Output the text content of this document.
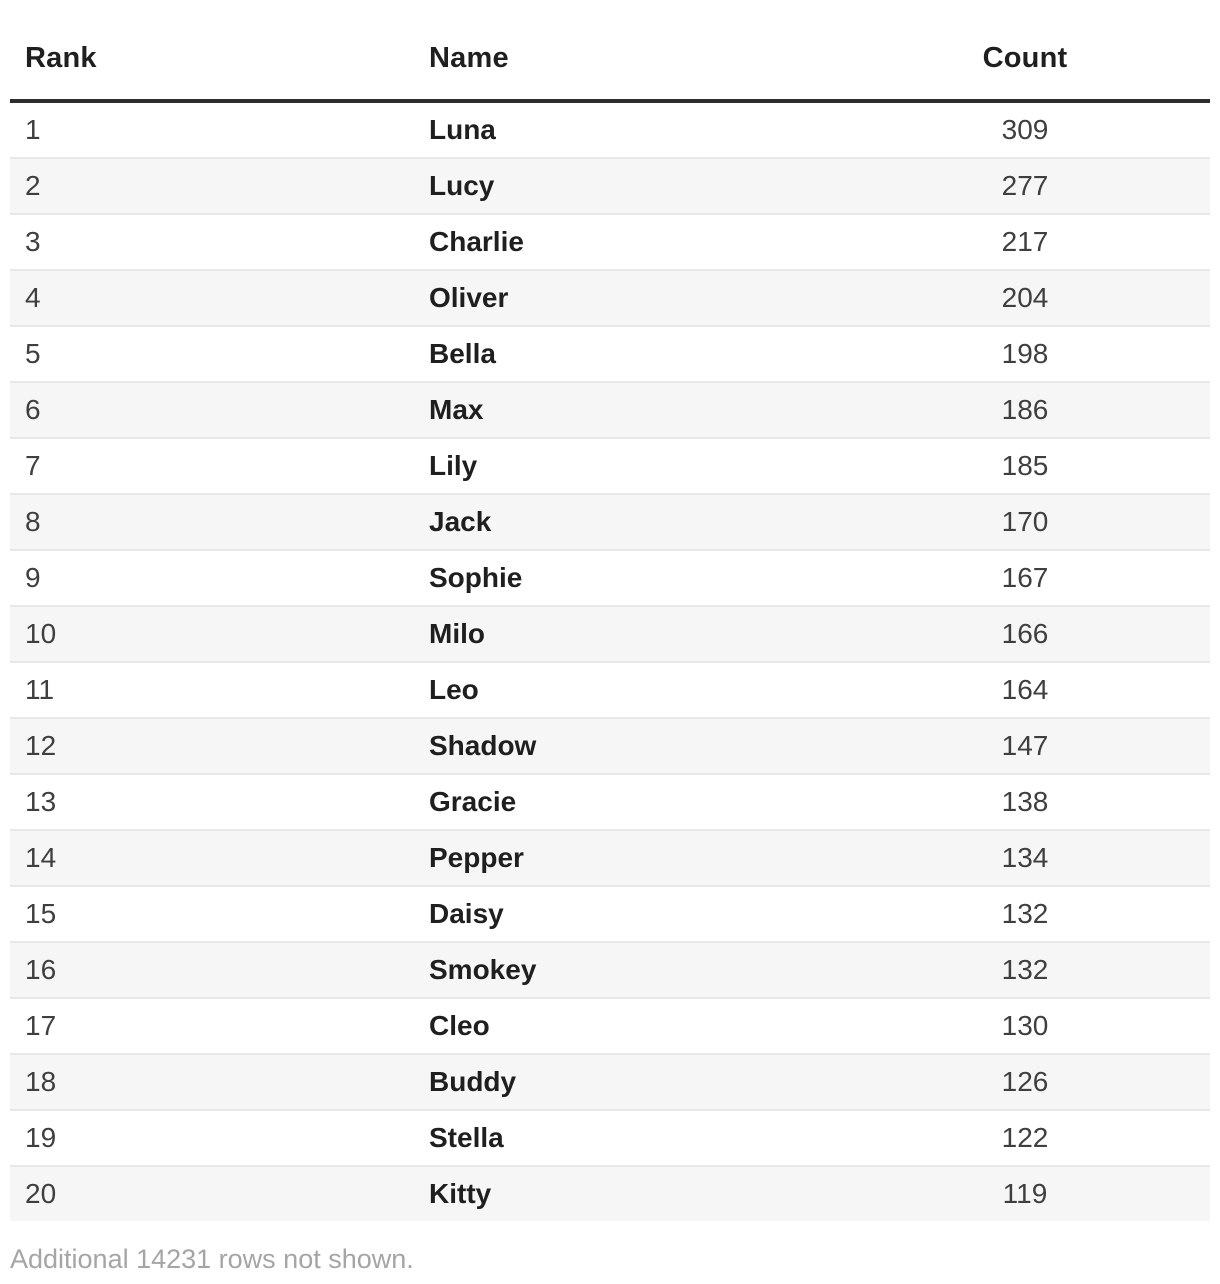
Rank	Name	Count
1	Luna	309
2	Lucy	277
3	Charlie	217
4	Oliver	204
5	Bella	198
6	Max	186
7	Lily	185
8	Jack	170
9	Sophie	167
10	Milo	166
11	Leo	164
12	Shadow	147
13	Gracie	138
14	Pepper	134
15	Daisy	132
16	Smokey	132
17	Cleo	130
18	Buddy	126
19	Stella	122
20	Kitty	119
Additional 14231 rows not shown.
